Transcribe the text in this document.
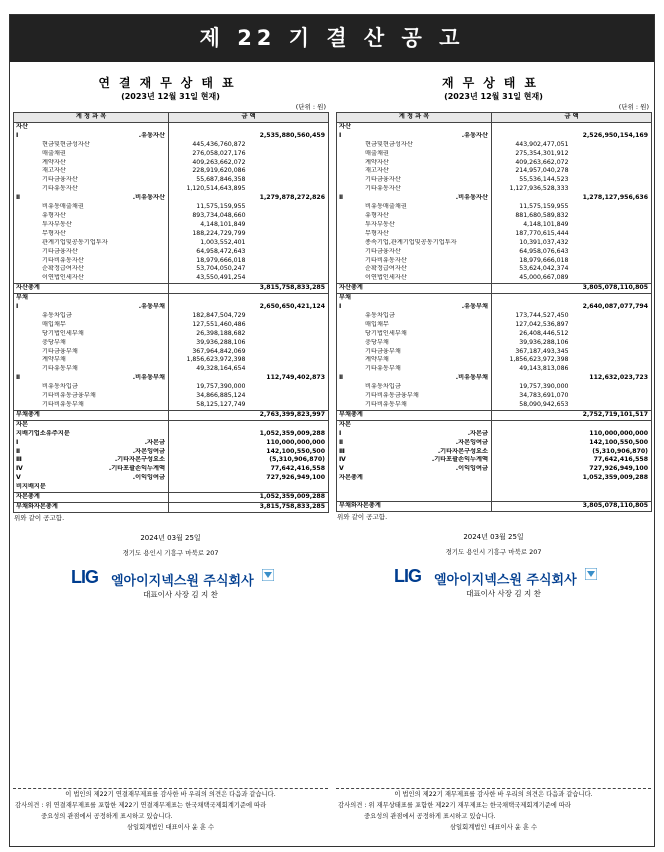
제 22 기 결 산 공 고
연결재무상태표
(2023년 12월 31일 현재)
(단위 : 원)
계 정 과 목	금 액	
자산		
Ⅰ.유동자산		2,535,880,560,459
현금및현금성자산	445,436,760,872	
매출채권	276,058,027,176	
계약자산	409,263,662,072	
재고자산	228,919,620,086	
기타금융자산	55,687,846,358	
기타유동자산	1,120,514,643,895	
Ⅱ.비유동자산		1,279,878,272,826
비유동매출채권	11,575,159,955	
유형자산	893,734,048,660	
투자부동산	4,148,101,849	
무형자산	188,224,729,799	
관계기업및공동기업투자	1,003,552,401	
기타금융자산	64,958,472,643	
기타비유동자산	18,979,666,018	
순확정급여자산	53,704,050,247	
이연법인세자산	43,550,491,254	
자산총계		3,815,758,833,285
부채		
Ⅰ.유동부채		2,650,650,421,124
유동차입금	182,847,504,729	
매입채무	127,551,460,486	
당기법인세부채	26,398,188,682	
충당부채	39,936,288,106	
기타금융부채	367,964,842,069	
계약부채	1,856,623,972,398	
기타유동부채	49,328,164,654	
Ⅱ.비유동부채		112,749,402,873
비유동차입금	19,757,390,000	
기타비유동금융부채	34,866,885,124	
기타비유동부채	58,125,127,749	
부채총계		2,763,399,823,997
자본		
지배기업소유주지분		1,052,359,009,288
Ⅰ.자본금		110,000,000,000
Ⅱ.자본잉여금		142,100,550,500
Ⅲ.기타자본구성요소		(5,310,906,870)
Ⅳ.기타포괄손익누계액		77,642,416,558
Ⅴ.이익잉여금		727,926,949,100
비지배지분		
자본총계		1,052,359,009,288
부채와자본총계		3,815,758,833,285
위와 같이 공고함.
2024년 03월 25일
경기도 용인시 기흥구 마북로 207
LIG 엘아이지넥스원 주식회사
대표이사 사장 김 지 찬
재무상태표
(2023년 12월 31일 현재)
(단위 : 원)
계 정 과 목	금 액	
자산		
Ⅰ.유동자산		2,526,950,154,169
현금및현금성자산	443,902,477,051	
매출채권	275,354,301,912	
계약자산	409,263,662,072	
재고자산	214,957,040,278	
기타금융자산	55,536,144,523	
기타유동자산	1,127,936,528,333	
Ⅱ.비유동자산		1,278,127,956,636
비유동매출채권	11,575,159,955	
유형자산	881,680,589,832	
투자부동산	4,148,101,849	
무형자산	187,770,615,444	
종속기업,관계기업및공동기업투자	10,391,037,432	
기타금융자산	64,958,076,643	
기타비유동자산	18,979,666,018	
순확정급여자산	53,624,042,374	
이연법인세자산	45,000,667,089	
자산총계		3,805,078,110,805
부채		
Ⅰ.유동부채		2,640,087,077,794
유동차입금	173,744,527,450	
매입채무	127,042,536,897	
당기법인세부채	26,408,446,512	
충당부채	39,936,288,106	
기타금융부채	367,187,493,345	
계약부채	1,856,623,972,398	
기타유동부채	49,143,813,086	
Ⅱ.비유동부채		112,632,023,723
비유동차입금	19,757,390,000	
기타비유동금융부채	34,783,691,070	
기타비유동부채	58,090,942,653	
부채총계		2,752,719,101,517
자본		
Ⅰ.자본금		110,000,000,000
Ⅱ.자본잉여금		142,100,550,500
Ⅲ.기타자본구성요소		(5,310,906,870)
Ⅳ.기타포괄손익누계액		77,642,416,558
Ⅴ.이익잉여금		727,926,949,100
자본총계		1,052,359,009,288

부채와자본총계		3,805,078,110,805
위와 같이 공고함.
2024년 03월 25일
경기도 용인시 기흥구 마북로 207
LIG 엘아이지넥스원 주식회사
대표이사 사장 김 지 찬
이 법인의 제22기 연결재무제표를 감사한 바 우리의 의견은 다음과 같습니다.
감사의견 : 위 연결재무제표를 포함한 제22기 연결재무제표는 한국채택국제회계기준에 따라
중요성의 관점에서 공정하게 표시하고 있습니다.
삼일회계법인 대표이사 윤 훈 수
이 법인의 제22기 재무제표를 감사한 바 우리의 의견은 다음과 같습니다.
감사의견 : 위 재무상태표를 포함한 제22기 재무제표는 한국채택국제회계기준에 따라
중요성의 관점에서 공정하게 표시하고 있습니다.
삼일회계법인 대표이사 윤 훈 수
